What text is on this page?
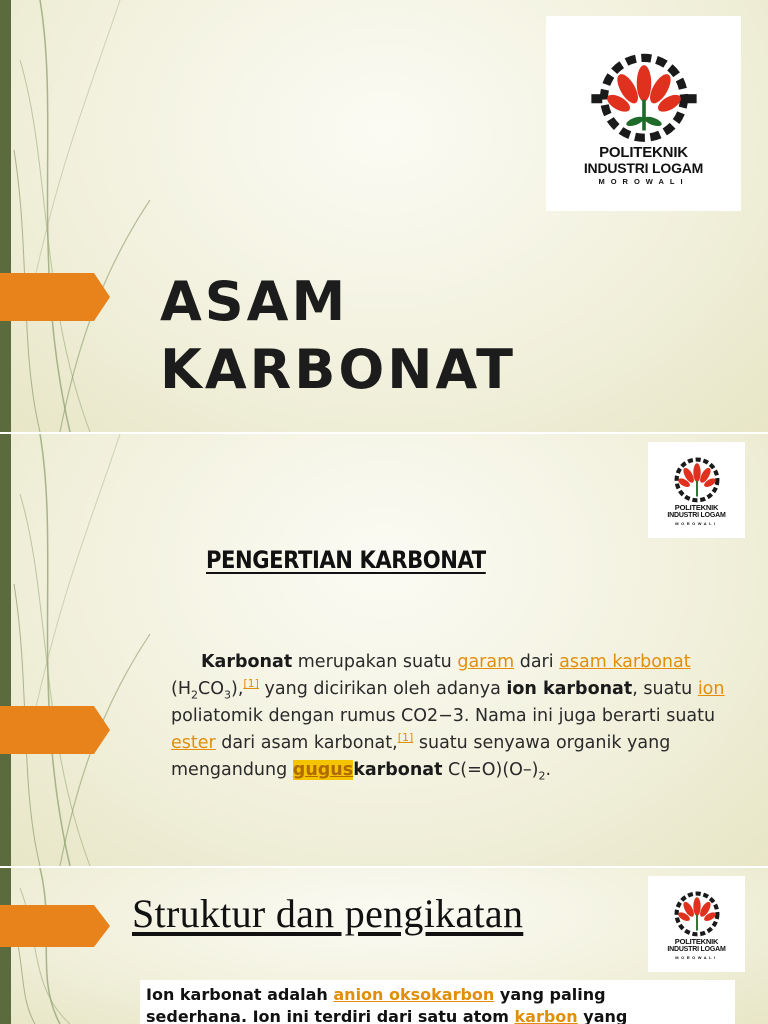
POLITEKNIK
INDUSTRI LOGAM
MOROWALI
ASAM
KARBONAT
POLITEKNIK
INDUSTRI LOGAM
MOROWALI
PENGERTIAN KARBONAT
Karbonat merupakan suatu garam dari asam karbonat $(H_2CO_3),[1]$ yang dicirikan oleh adanya ion karbonat, suatu ion poliatomik dengan rumus CO2−3. Nama ini juga berarti suatu ester dari asam karbonat,[1] suatu senyawa organik yang mengandung guguskarbonat $C(=O)(O-)_2$.
POLITEKNIK
INDUSTRI LOGAM
MOROWALI
Struktur dan pengikatan
Ion karbonat adalah anion oksokarbon yang paling
sederhana. Ion ini terdiri dari satu atom karbon yang
